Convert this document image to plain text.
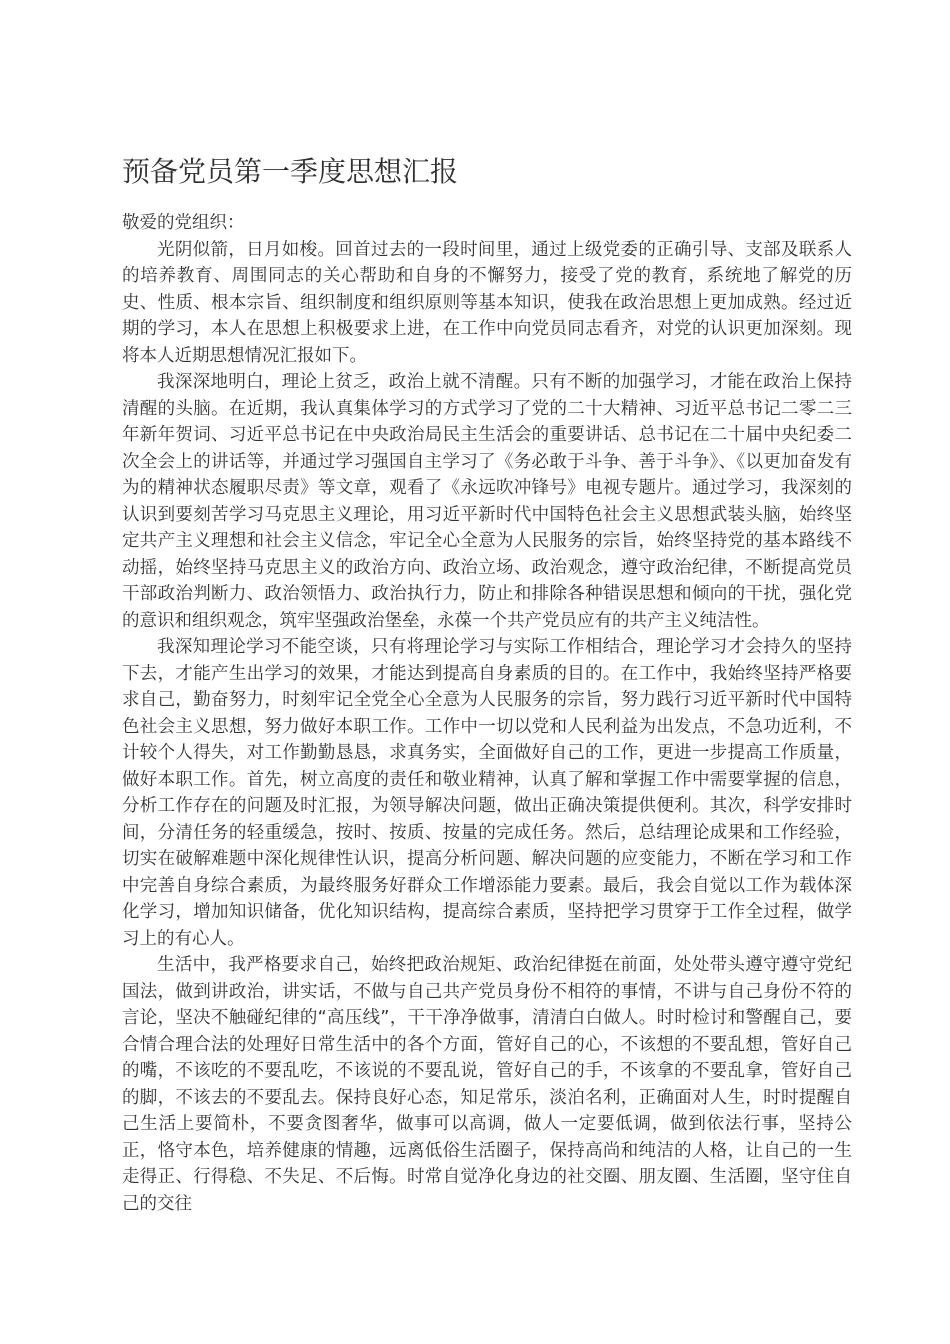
预备党员第一季度思想汇报

敬爱的党组织：

光阴似箭，日月如梭。回首过去的一段时间里，通过上级党委的正确引导、支部及联系人的培养教育、周围同志的关心帮助和自身的不懈努力，接受了党的教育，系统地了解党的历史、性质、根本宗旨、组织制度和组织原则等基本知识，使我在政治思想上更加成熟。经过近期的学习，本人在思想上积极要求上进，在工作中向党员同志看齐，对党的认识更加深刻。现将本人近期思想情况汇报如下。

我深深地明白，理论上贫乏，政治上就不清醒。只有不断的加强学习，才能在政治上保持清醒的头脑。在近期，我认真集体学习的方式学习了党的二十大精神、习近平总书记二零二三年新年贺词、习近平总书记在中央政治局民主生活会的重要讲话、总书记在二十届中央纪委二次全会上的讲话等，并通过学习强国自主学习了《务必敢于斗争、善于斗争》、《以更加奋发有为的精神状态履职尽责》等文章，观看了《永远吹冲锋号》电视专题片。通过学习，我深刻的认识到要刻苦学习马克思主义理论，用习近平新时代中国特色社会主义思想武装头脑，始终坚定共产主义理想和社会主义信念，牢记全心全意为人民服务的宗旨，始终坚持党的基本路线不动摇，始终坚持马克思主义的政治方向、政治立场、政治观念，遵守政治纪律，不断提高党员干部政治判断力、政治领悟力、政治执行力，防止和排除各种错误思想和倾向的干扰，强化党的意识和组织观念，筑牢坚强政治堡垒，永葆一个共产党员应有的共产主义纯洁性。

我深知理论学习不能空谈，只有将理论学习与实际工作相结合，理论学习才会持久的坚持下去，才能产生出学习的效果，才能达到提高自身素质的目的。在工作中，我始终坚持严格要求自己，勤奋努力，时刻牢记全党全心全意为人民服务的宗旨，努力践行习近平新时代中国特色社会主义思想，努力做好本职工作。工作中一切以党和人民利益为出发点，不急功近利，不计较个人得失，对工作勤勤恳恳，求真务实，全面做好自己的工作，更进一步提高工作质量，做好本职工作。首先，树立高度的责任和敬业精神，认真了解和掌握工作中需要掌握的信息，分析工作存在的问题及时汇报，为领导解决问题，做出正确决策提供便利。其次，科学安排时间，分清任务的轻重缓急，按时、按质、按量的完成任务。然后，总结理论成果和工作经验，切实在破解难题中深化规律性认识，提高分析问题、解决问题的应变能力，不断在学习和工作中完善自身综合素质，为最终服务好群众工作增添能力要素。最后，我会自觉以工作为载体深化学习，增加知识储备，优化知识结构，提高综合素质，坚持把学习贯穿于工作全过程，做学习上的有心人。

生活中，我严格要求自己，始终把政治规矩、政治纪律挺在前面，处处带头遵守遵守党纪国法，做到讲政治，讲实话，不做与自己共产党员身份不相符的事情，不讲与自己身份不符的言论，坚决不触碰纪律的“高压线”，干干净净做事，清清白白做人。时时检讨和警醒自己，要合情合理合法的处理好日常生活中的各个方面，管好自己的心，不该想的不要乱想，管好自己的嘴，不该吃的不要乱吃，不该说的不要乱说，管好自己的手，不该拿的不要乱拿，管好自己的脚，不该去的不要乱去。保持良好心态，知足常乐，淡泊名利，正确面对人生，时时提醒自己生活上要简朴，不要贪图奢华，做事可以高调，做人一定要低调，做到依法行事，坚持公正，恪守本色，培养健康的情趣，远离低俗生活圈子，保持高尚和纯洁的人格，让自己的一生走得正、行得稳、不失足、不后悔。时常自觉净化身边的社交圈、朋友圈、生活圈，坚守住自己的交往
